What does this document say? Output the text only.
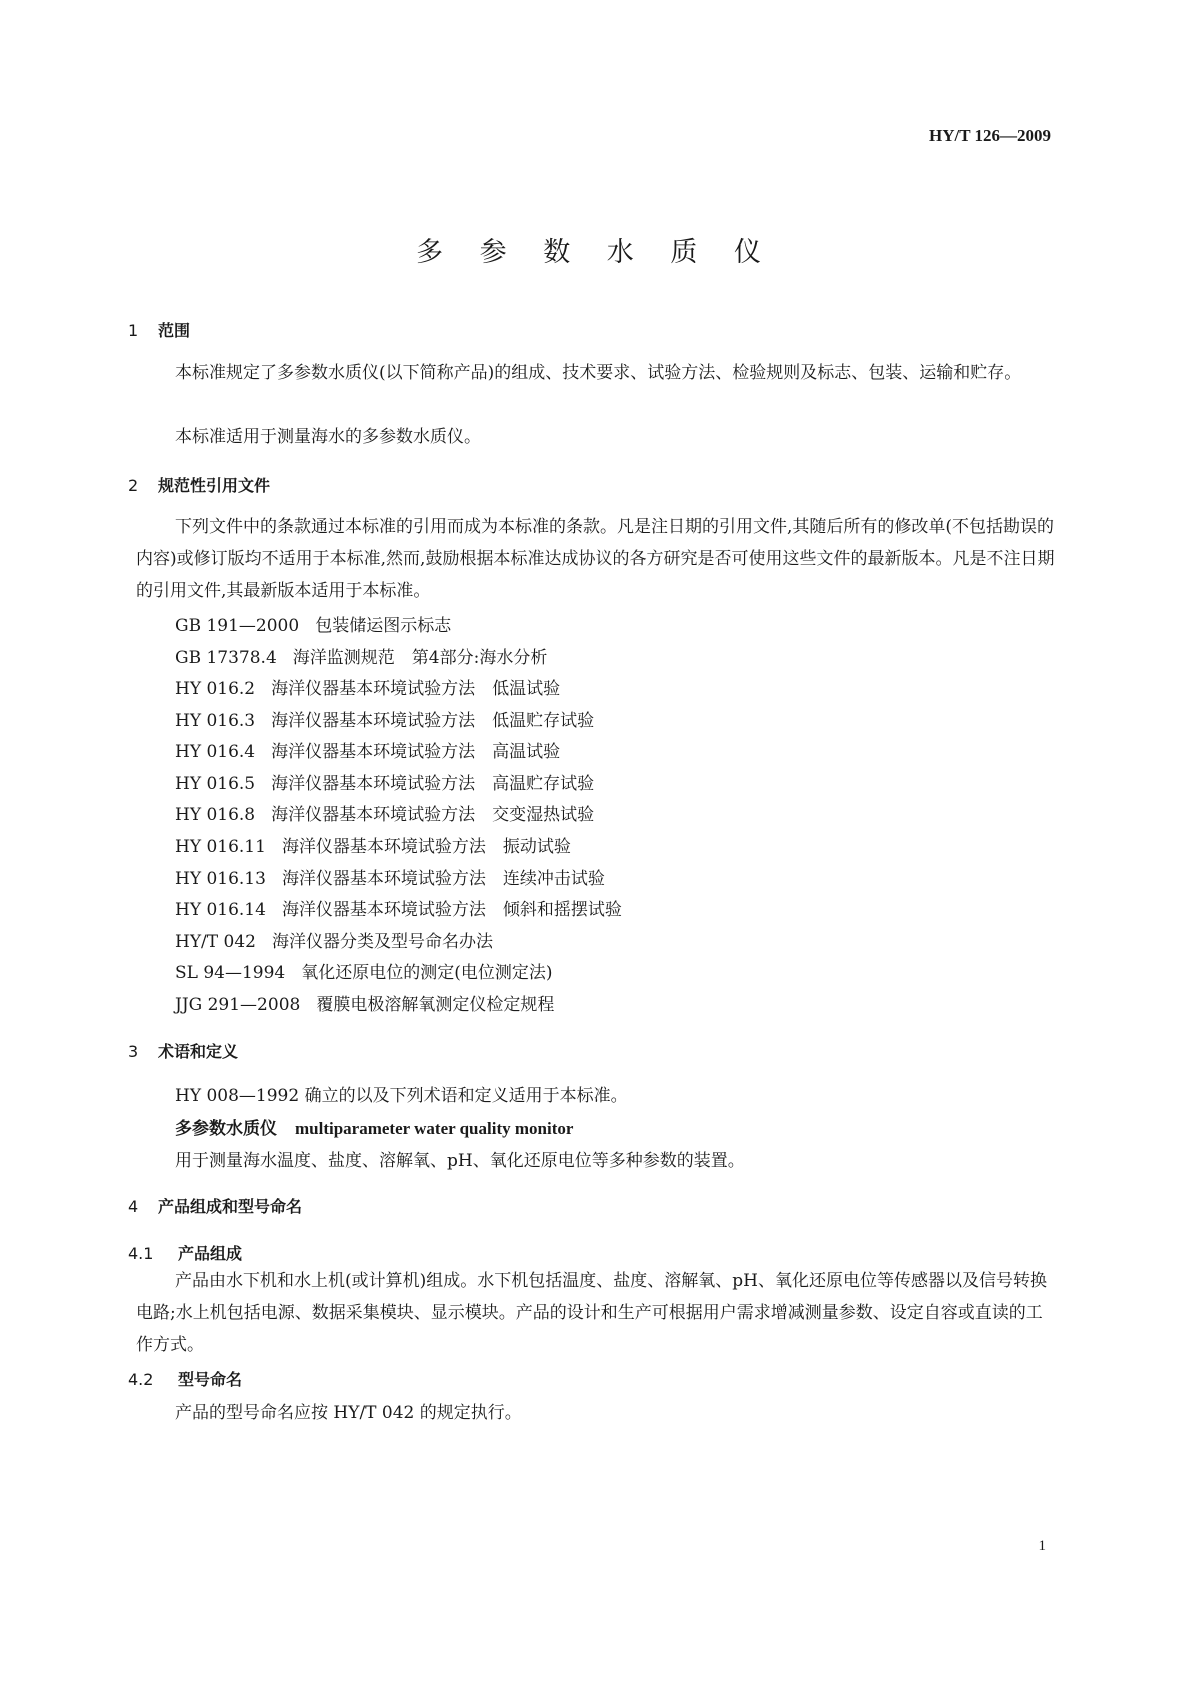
HY/T 126—2009
多 参 数 水 质 仪
1 范围
本标准规定了多参数水质仪(以下简称产品)的组成、技术要求、试验方法、检验规则及标志、包装、运输和贮存。
本标准适用于测量海水的多参数水质仪。
2 规范性引用文件
下列文件中的条款通过本标准的引用而成为本标准的条款。凡是注日期的引用文件,其随后所有的修改单(不包括勘误的内容)或修订版均不适用于本标准,然而,鼓励根据本标准达成协议的各方研究是否可使用这些文件的最新版本。凡是不注日期的引用文件,其最新版本适用于本标准。
GB 191—2000 包装储运图示标志
GB 17378.4 海洋监测规范　第4部分:海水分析
HY 016.2 海洋仪器基本环境试验方法　低温试验
HY 016.3 海洋仪器基本环境试验方法　低温贮存试验
HY 016.4 海洋仪器基本环境试验方法　高温试验
HY 016.5 海洋仪器基本环境试验方法　高温贮存试验
HY 016.8 海洋仪器基本环境试验方法　交变湿热试验
HY 016.11 海洋仪器基本环境试验方法　振动试验
HY 016.13 海洋仪器基本环境试验方法　连续冲击试验
HY 016.14 海洋仪器基本环境试验方法　倾斜和摇摆试验
HY/T 042 海洋仪器分类及型号命名办法
SL 94—1994 氧化还原电位的测定(电位测定法)
JJG 291—2008 覆膜电极溶解氧测定仪检定规程
3 术语和定义
HY 008—1992 确立的以及下列术语和定义适用于本标准。
多参数水质仪 multiparameter water quality monitor
用于测量海水温度、盐度、溶解氧、pH、氧化还原电位等多种参数的装置。
4 产品组成和型号命名
4.1 产品组成
产品由水下机和水上机(或计算机)组成。水下机包括温度、盐度、溶解氧、pH、氧化还原电位等传感器以及信号转换电路;水上机包括电源、数据采集模块、显示模块。产品的设计和生产可根据用户需求增减测量参数、设定自容或直读的工作方式。
4.2 型号命名
产品的型号命名应按 HY/T 042 的规定执行。
1
